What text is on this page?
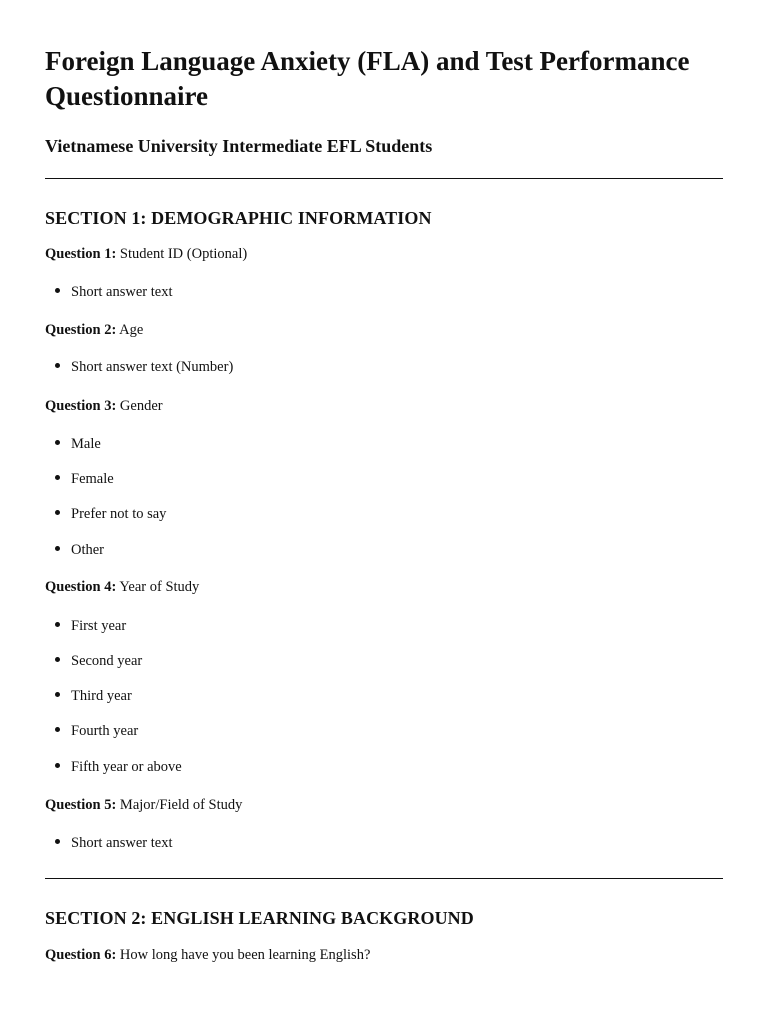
Foreign Language Anxiety (FLA) and Test Performance Questionnaire
Vietnamese University Intermediate EFL Students
SECTION 1: DEMOGRAPHIC INFORMATION

Question 1: Student ID (Optional)

Short answer text

Question 2: Age

Short answer text (Number)

Question 3: Gender

Male
Female
Prefer not to say
Other

Question 4: Year of Study

First year
Second year
Third year
Fourth year
Fifth year or above

Question 5: Major/Field of Study

Short answer text
SECTION 2: ENGLISH LEARNING BACKGROUND

Question 6: How long have you been learning English?
